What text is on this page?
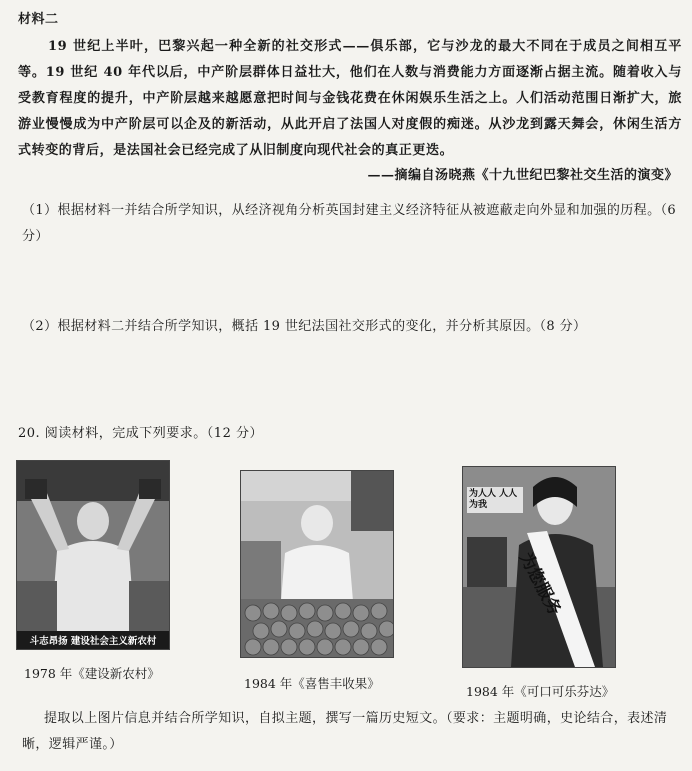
材料二
19 世纪上半叶，巴黎兴起一种全新的社交形式——俱乐部，它与沙龙的最大不同在于成员之间相互平等。19 世纪 40 年代以后，中产阶层群体日益壮大，他们在人数与消费能力方面逐渐占据主流。随着收入与受教育程度的提升，中产阶层越来越愿意把时间与金钱花费在休闲娱乐生活之上。人们活动范围日渐扩大，旅游业慢慢成为中产阶层可以企及的新活动，从此开启了法国人对度假的痴迷。从沙龙到露天舞会，休闲生活方式转变的背后，是法国社会已经完成了从旧制度向现代社会的真正更迭。
——摘编自汤晓燕《十九世纪巴黎社交生活的演变》
（1）根据材料一并结合所学知识，从经济视角分析英国封建主义经济特征从被遮蔽走向外显和加强的历程。（6 分）
（2）根据材料二并结合所学知识，概括 19 世纪法国社交形式的变化，并分析其原因。（8 分）
20. 阅读材料，完成下列要求。（12 分）
斗志昂扬 建设社会主义新农村
1978 年《建设新农村》
1984 年《喜售丰收果》
为人人 人人为我
为您服务
1984 年《可口可乐芬达》
提取以上图片信息并结合所学知识，自拟主题，撰写一篇历史短文。（要求：主题明确，史论结合，表述清晰，逻辑严谨。）
